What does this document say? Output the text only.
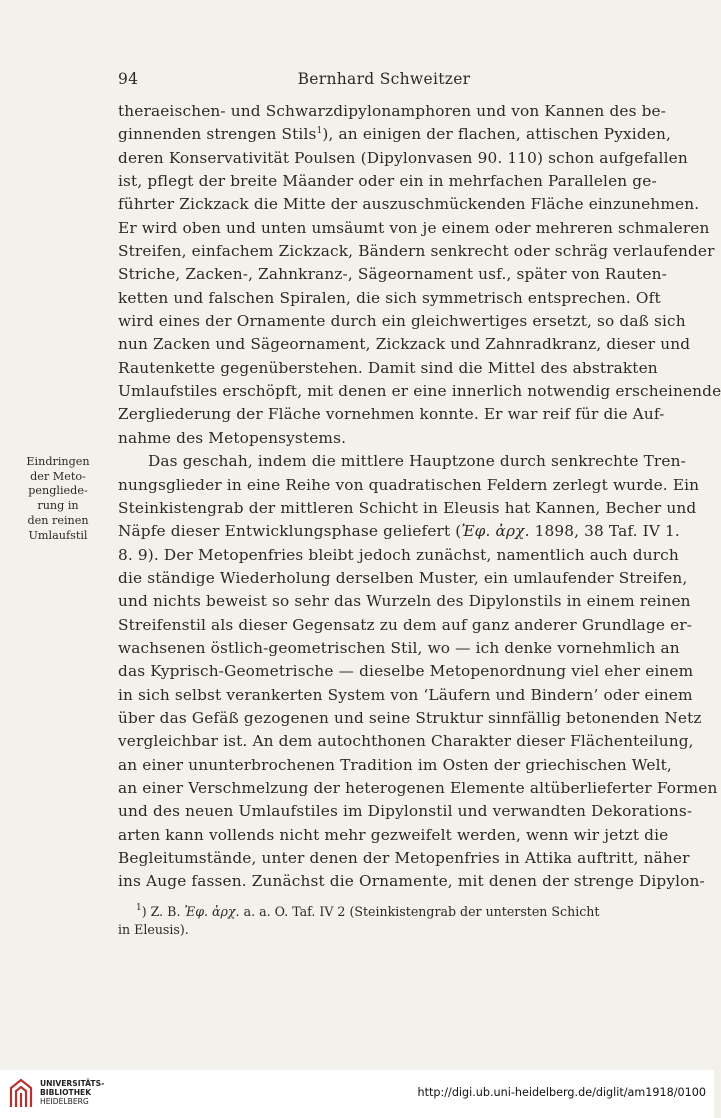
94	Bernhard Schweitzer
Eindringen
der Meto-
pengliede-
rung in
den reinen
Umlaufstil
theraeischen- und Schwarzdipylonamphoren und von Kannen des be-
ginnenden strengen Stils$^1$), an einigen der flachen, attischen Pyxiden,
deren Konservativität Poulsen (Dipylonvasen 90. 110) schon aufgefallen
ist, pflegt der breite Mäander oder ein in mehrfachen Parallelen ge-
führter Zickzack die Mitte der auszuschmückenden Fläche einzunehmen.
Er wird oben und unten umsäumt von je einem oder mehreren schmaleren
Streifen, einfachem Zickzack, Bändern senkrecht oder schräg verlaufender
Striche, Zacken-, Zahnkranz-, Sägeornament usf., später von Rauten-
ketten und falschen Spiralen, die sich symmetrisch entsprechen. Oft
wird eines der Ornamente durch ein gleichwertiges ersetzt, so daß sich
nun Zacken und Sägeornament, Zickzack und Zahnradkranz, dieser und
Rautenkette gegenüberstehen. Damit sind die Mittel des abstrakten
Umlaufstiles erschöpft, mit denen er eine innerlich notwendig erscheinende
Zergliederung der Fläche vornehmen konnte. Er war reif für die Auf-
nahme des Metopensystems.
Das geschah, indem die mittlere Hauptzone durch senkrechte Tren-
nungsglieder in eine Reihe von quadratischen Feldern zerlegt wurde. Ein
Steinkistengrab der mittleren Schicht in Eleusis hat Kannen, Becher und
Näpfe dieser Entwicklungsphase geliefert (Ἐφ. ἀρχ. 1898, 38 Taf. IV 1.
8. 9). Der Metopenfries bleibt jedoch zunächst, namentlich auch durch
die ständige Wiederholung derselben Muster, ein umlaufender Streifen,
und nichts beweist so sehr das Wurzeln des Dipylonstils in einem reinen
Streifenstil als dieser Gegensatz zu dem auf ganz anderer Grundlage er-
wachsenen östlich-geometrischen Stil, wo — ich denke vornehmlich an
das Kyprisch-Geometrische — dieselbe Metopenordnung viel eher einem
in sich selbst verankerten System von ‘Läufern und Bindern’ oder einem
über das Gefäß gezogenen und seine Struktur sinnfällig betonenden Netz
vergleichbar ist. An dem autochthonen Charakter dieser Flächenteilung,
an einer ununterbrochenen Tradition im Osten der griechischen Welt,
an einer Verschmelzung der heterogenen Elemente altüberlieferter Formen
und des neuen Umlaufstiles im Dipylonstil und verwandten Dekorations-
arten kann vollends nicht mehr gezweifelt werden, wenn wir jetzt die
Begleitumstände, unter denen der Metopenfries in Attika auftritt, näher
ins Auge fassen. Zunächst die Ornamente, mit denen der strenge Dipylon-
$^1$) Z. B. Ἐφ. ἀρχ. a. a. O. Taf. IV 2 (Steinkistengrab der untersten Schicht
in Eleusis).
UNIVERSITÄTS-
BIBLIOTHEK
HEIDELBERG
http://digi.ub.uni-heidelberg.de/diglit/am1918/0100
